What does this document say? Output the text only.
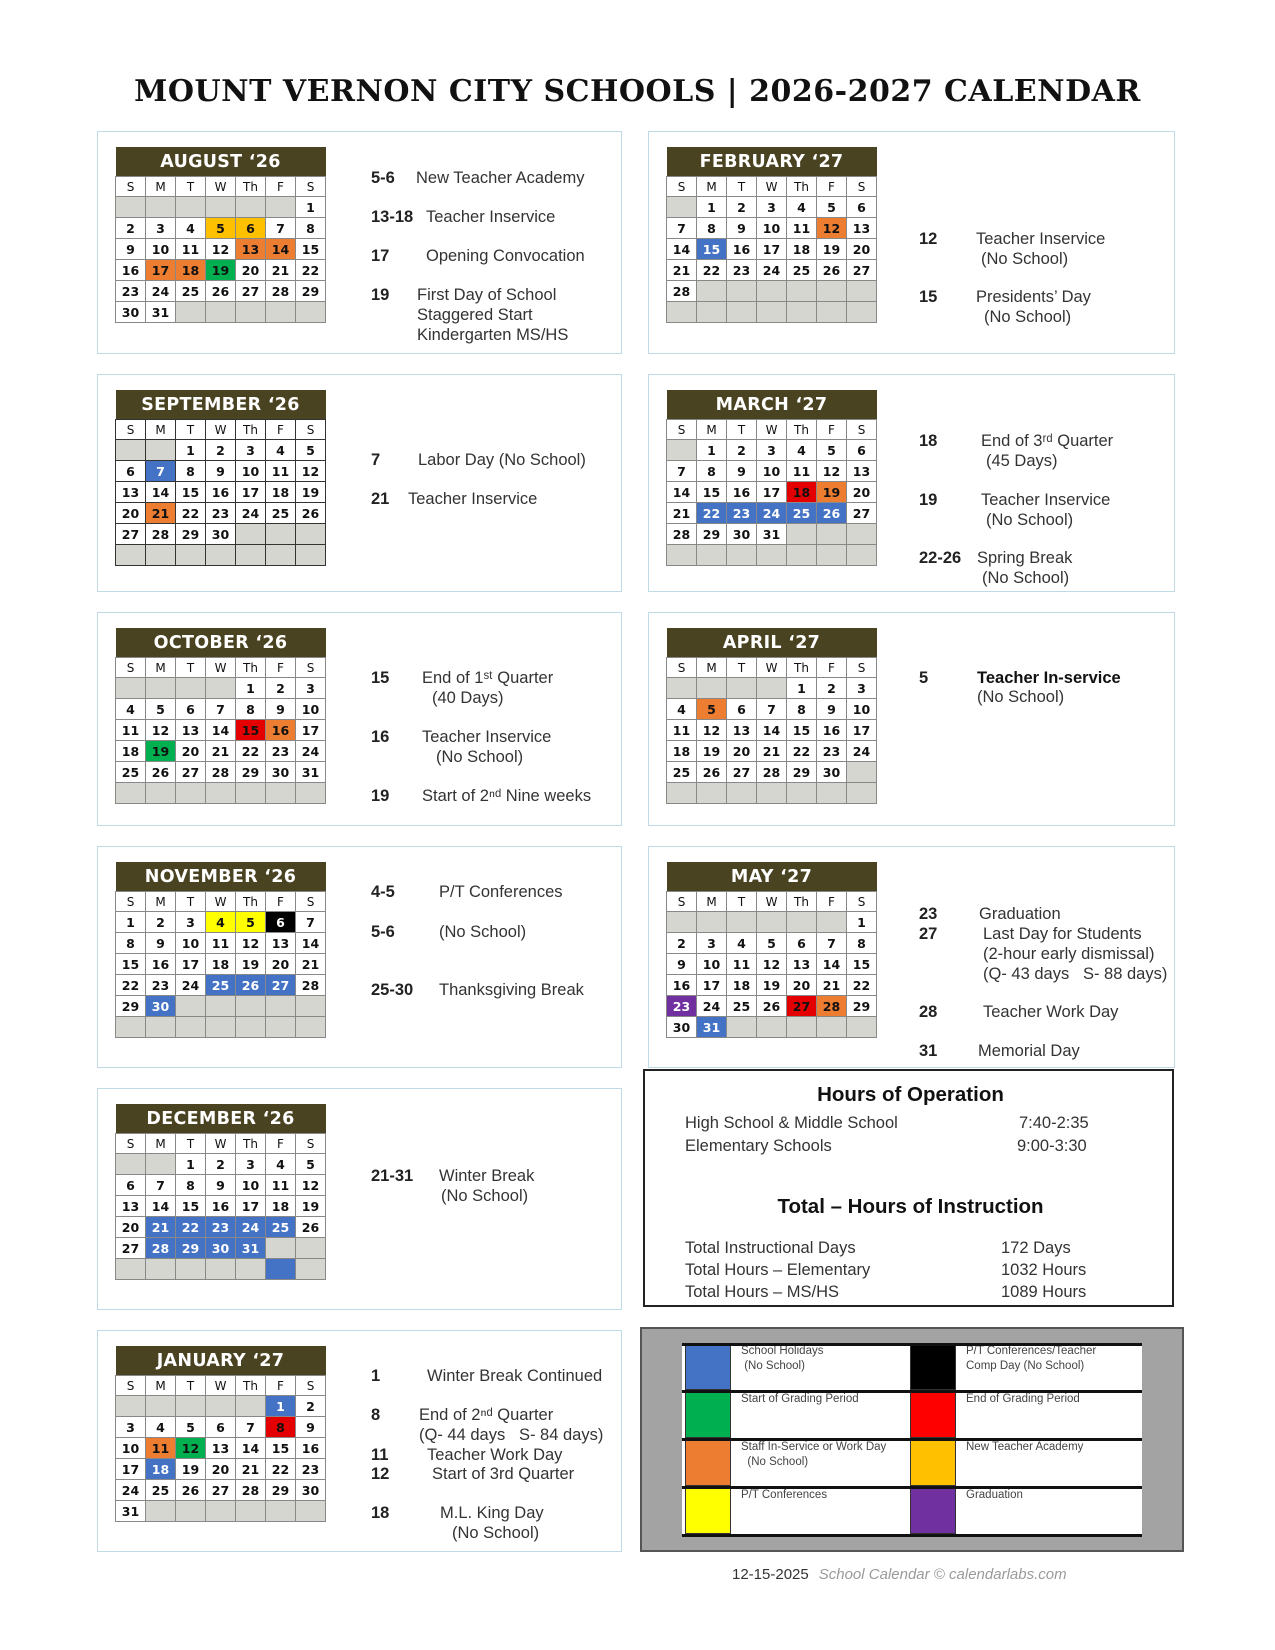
MOUNT VERNON CITY SCHOOLS | 2026-2027 CALENDAR
AUGUST ‘26						
S	M	T	W	Th	F	S
						1
2	3	4	5	6	7	8
9	10	11	12	13	14	15
16	17	18	19	20	21	22
23	24	25	26	27	28	29
30	31					
SEPTEMBER ‘26						
S	M	T	W	Th	F	S
		1	2	3	4	5
6	7	8	9	10	11	12
13	14	15	16	17	18	19
20	21	22	23	24	25	26
27	28	29	30			

OCTOBER ‘26						
S	M	T	W	Th	F	S
				1	2	3
4	5	6	7	8	9	10
11	12	13	14	15	16	17
18	19	20	21	22	23	24
25	26	27	28	29	30	31

NOVEMBER ‘26						
S	M	T	W	Th	F	S
1	2	3	4	5	6	7
8	9	10	11	12	13	14
15	16	17	18	19	20	21
22	23	24	25	26	27	28
29	30					

DECEMBER ‘26						
S	M	T	W	Th	F	S
		1	2	3	4	5
6	7	8	9	10	11	12
13	14	15	16	17	18	19
20	21	22	23	24	25	26
27	28	29	30	31		

JANUARY ‘27						
S	M	T	W	Th	F	S
					1	2
3	4	5	6	7	8	9
10	11	12	13	14	15	16
17	18	19	20	21	22	23
24	25	26	27	28	29	30
31						
FEBRUARY ‘27						
S	M	T	W	Th	F	S
	1	2	3	4	5	6
7	8	9	10	11	12	13
14	15	16	17	18	19	20
21	22	23	24	25	26	27
28						

MARCH ‘27						
S	M	T	W	Th	F	S
	1	2	3	4	5	6
7	8	9	10	11	12	13
14	15	16	17	18	19	20
21	22	23	24	25	26	27
28	29	30	31			

APRIL ‘27						
S	M	T	W	Th	F	S
				1	2	3
4	5	6	7	8	9	10
11	12	13	14	15	16	17
18	19	20	21	22	23	24
25	26	27	28	29	30	

MAY ‘27						
S	M	T	W	Th	F	S
						1
2	3	4	5	6	7	8
9	10	11	12	13	14	15
16	17	18	19	20	21	22
23	24	25	26	27	28	29
30	31					
5-6 New Teacher Academy
13-18 Teacher Inservice
17 Opening Convocation
19 First Day of School
Staggered Start
Kindergarten MS/HS
7 Labor Day (No School)
21 Teacher Inservice
15 End of 1ˢᵗ Quarter
(40 Days)
16 Teacher Inservice
(No School)
19 Start of 2ⁿᵈ Nine weeks
4-5	P/T Conferences
5-6	(No School)
25-30 Thanksgiving Break
21-31 Winter Break
(No School)
1	Winter Break Continued
8 End of 2ⁿᵈ Quarter
(Q- 44 days   S- 84 days)
11 Teacher Work Day
12	Start of 3rd Quarter
18	M.L. King Day
(No School)
12 Teacher Inservice
(No School)
15 Presidents’ Day
(No School)
18	End of 3ʳᵈ Quarter
(45 Days)
19	Teacher Inservice
(No School)
22-26 Spring Break
(No School)
5	Teacher In-service
(No School)
23	Graduation
27	Last Day for Students
(2-hour early dismissal)
(Q- 43 days   S- 88 days)
28	Teacher Work Day
31 Memorial Day
Hours of Operation
High School & Middle School	7:40-2:35
Elementary Schools	9:00-3:30
Total – Hours of Instruction
Total Instructional Days	172 Days
Total Hours – Elementary	1032 Hours
Total Hours – MS/HS	1089 Hours
School Holidays
(No School)
P/T Conferences/Teacher
Comp Day (No School)
Start of Grading Period	End of Grading Period
Staff In-Service or Work Day
(No School)
New Teacher Academy
P/T Conferences	Graduation
12-15-2025 School Calendar © calendarlabs.com
